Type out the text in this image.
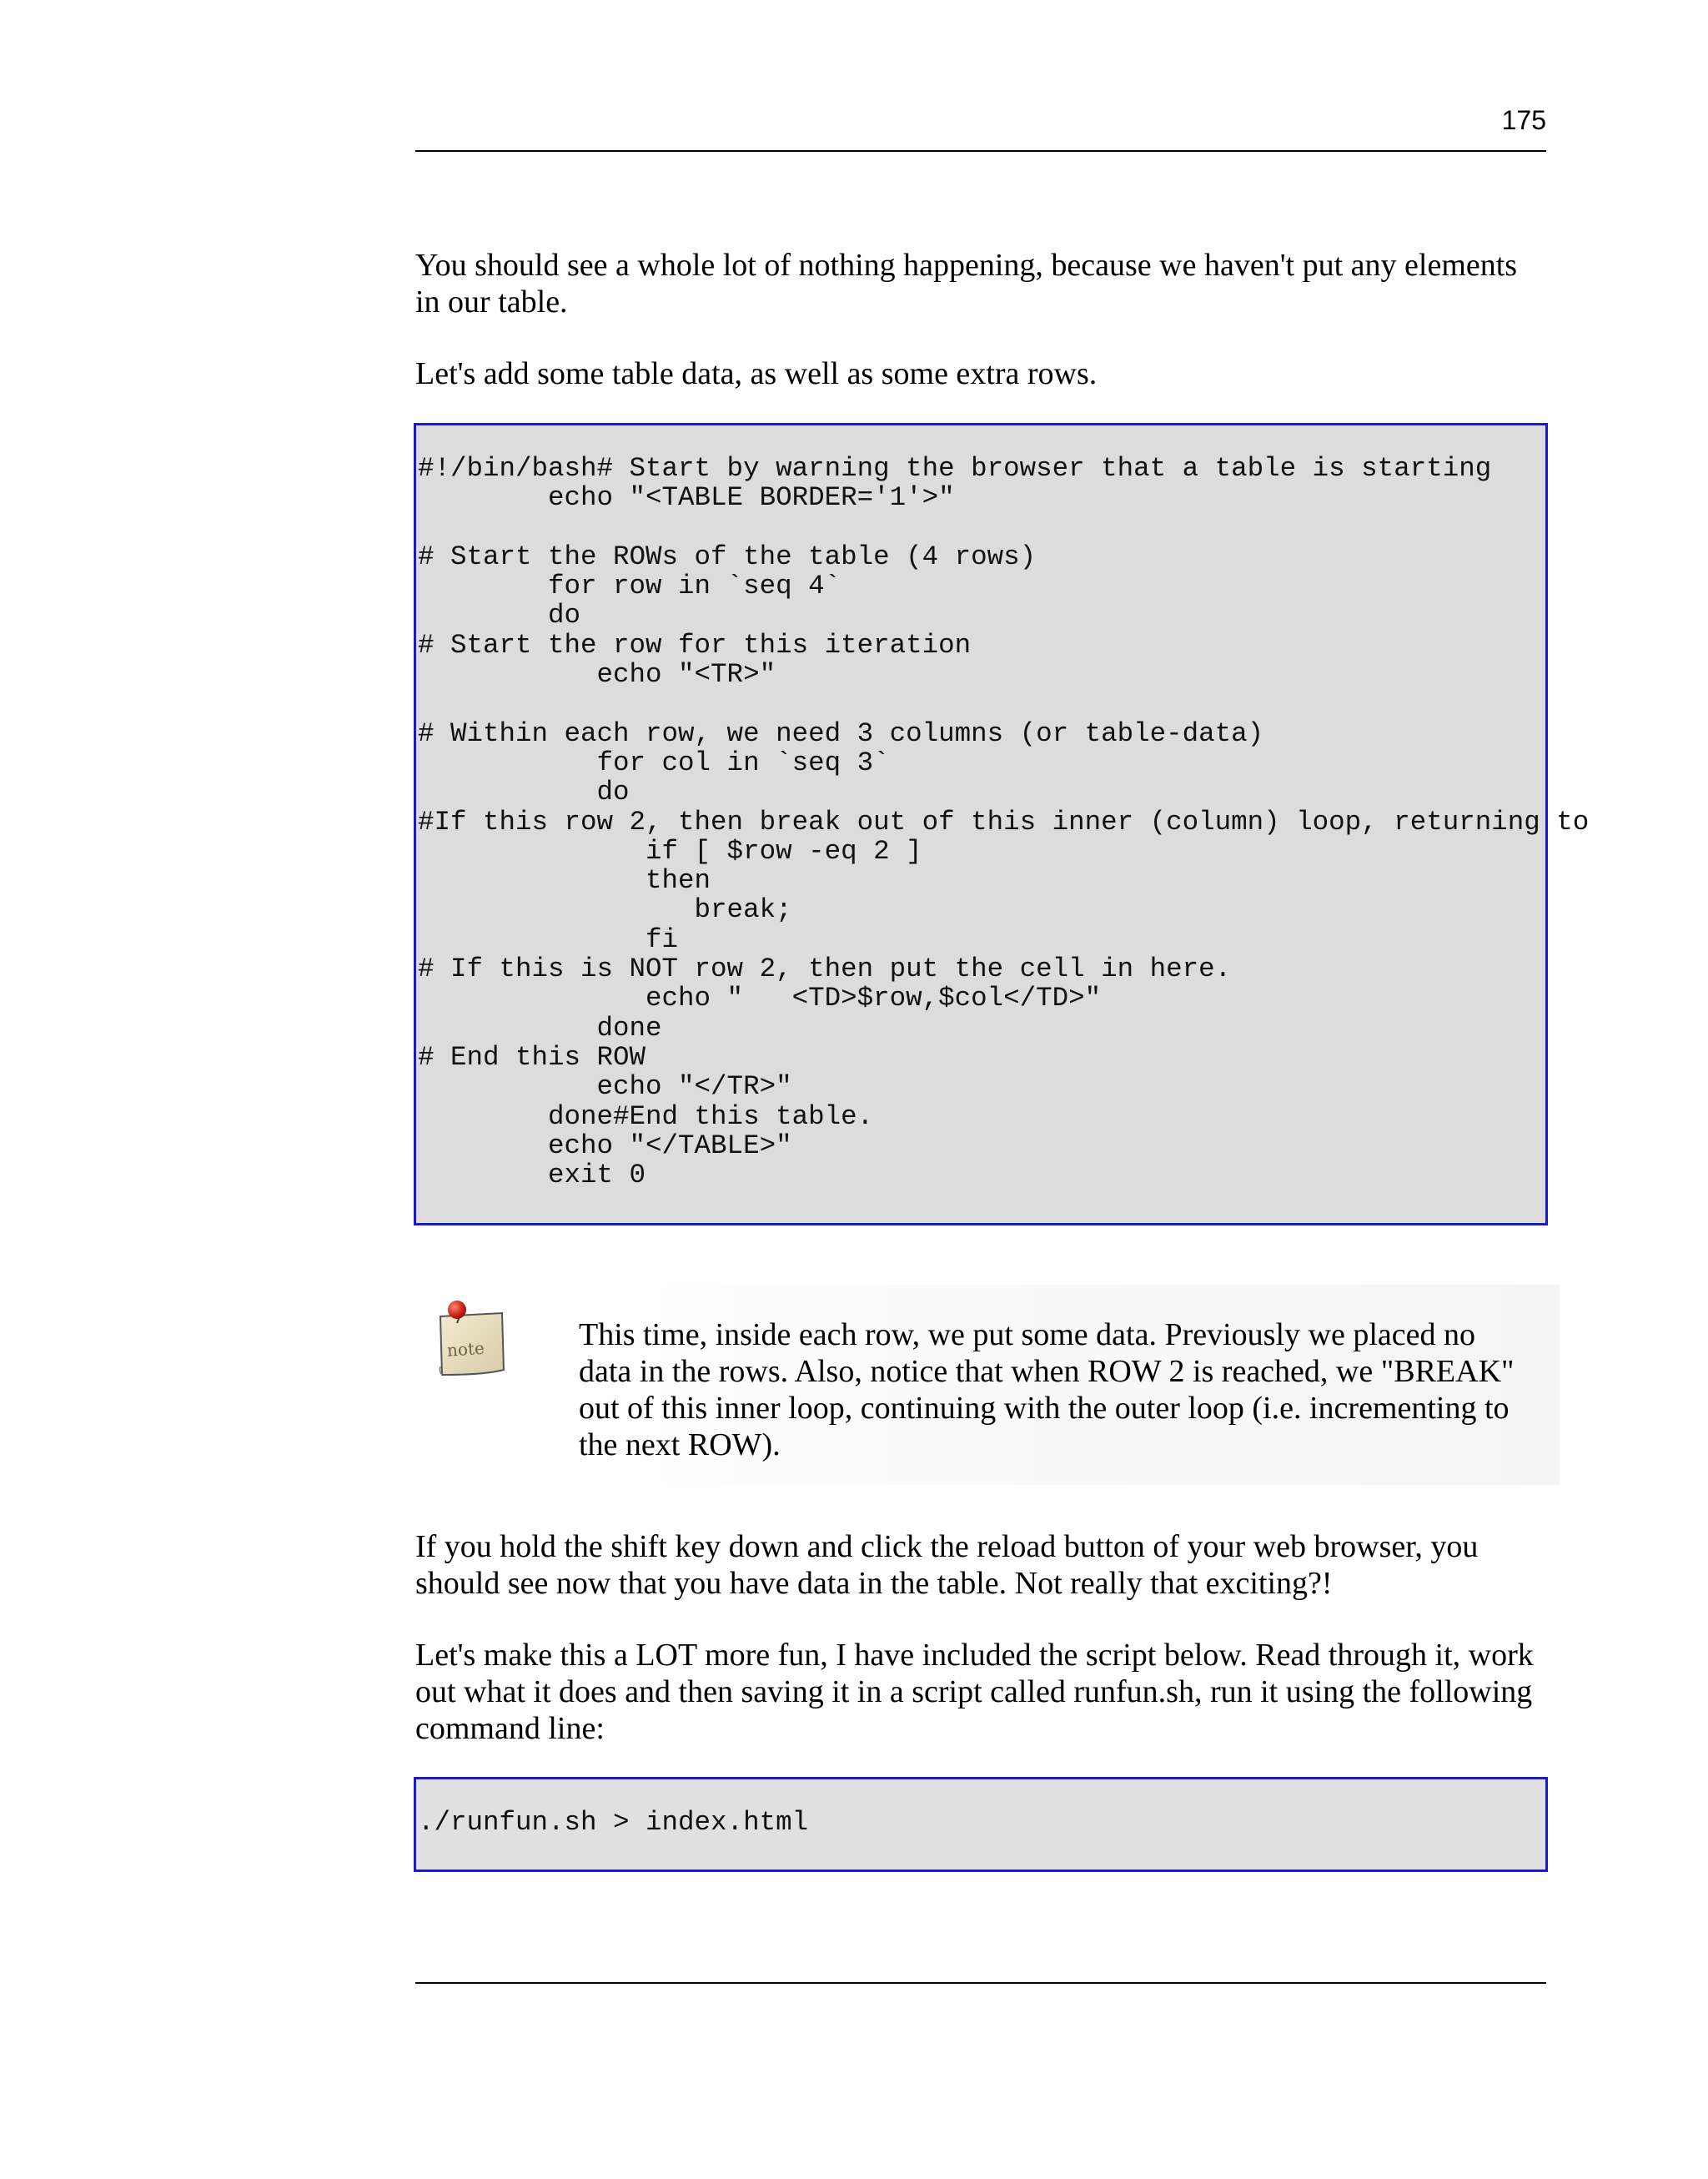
175

You should see a whole lot of nothing happening, because we haven't put any elements in our table.

Let's add some table data, as well as some extra rows.

#!/bin/bash# Start by warning the browser that a table is starting
echo "<TABLE BORDER='1'>"

# Start the ROWs of the table (4 rows)
for row in `seq 4`
do
# Start the row for this iteration
echo "<TR>"

# Within each row, we need 3 columns (or table-data)
for col in `seq 3`
do
#If this row 2, then break out of this inner (column) loop, returning to
if [ $row -eq 2 ]
then
break;
fi
# If this is NOT row 2, then put the cell in here.
echo "   <TD>$row,$col</TD>"
done
# End this ROW
echo "</TR>"
done#End this table.
echo "</TABLE>"
exit 0
note	This time, inside each row, we put some data. Previously we placed no data in the rows. Also, notice that when ROW 2 is reached, we "BREAK" out of this inner loop, continuing with the outer loop (i.e. incrementing to the next ROW).

If you hold the shift key down and click the reload button of your web browser, you should see now that you have data in the table. Not really that exciting?!

Let's make this a LOT more fun, I have included the script below. Read through it, work out what it does and then saving it in a script called runfun.sh, run it using the following command line:

./runfun.sh > index.html
